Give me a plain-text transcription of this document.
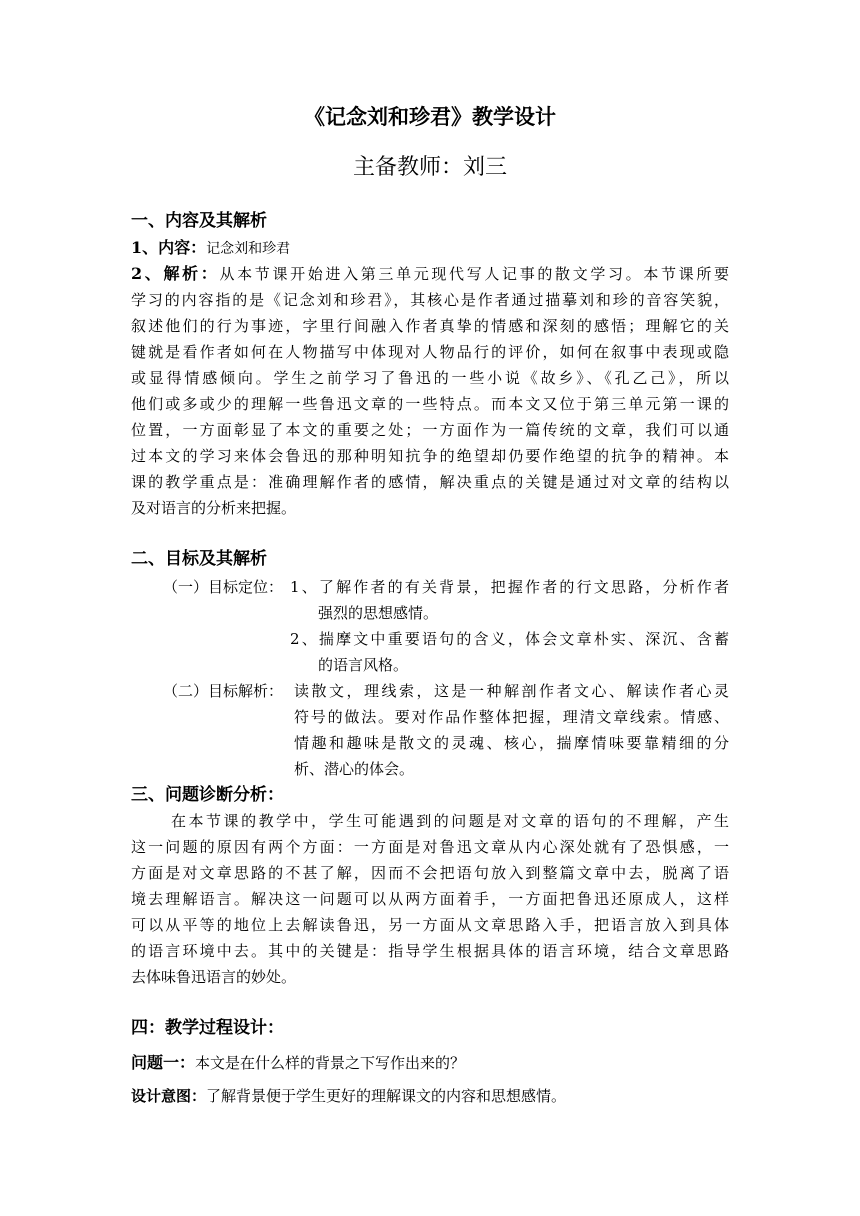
《记念刘和珍君》教学设计
主备教师：刘三
一、内容及其解析
1、内容：记念刘和珍君
2、解析：从本节课开始进入第三单元现代写人记事的散文学习。本节课所要
学习的内容指的是《记念刘和珍君》，其核心是作者通过描摹刘和珍的音容笑貌，
叙述他们的行为事迹，字里行间融入作者真挚的情感和深刻的感悟；理解它的关
键就是看作者如何在人物描写中体现对人物品行的评价，如何在叙事中表现或隐
或显得情感倾向。学生之前学习了鲁迅的一些小说《故乡》、《孔乙己》，所以
他们或多或少的理解一些鲁迅文章的一些特点。而本文又位于第三单元第一课的
位置，一方面彰显了本文的重要之处；一方面作为一篇传统的文章，我们可以通
过本文的学习来体会鲁迅的那种明知抗争的绝望却仍要作绝望的抗争的精神。本
课的教学重点是：准确理解作者的感情，解决重点的关键是通过对文章的结构以
及对语言的分析来把握。
二、目标及其解析
（一）目标定位： 1、了解作者的有关背景，把握作者的行文思路，分析作者
强烈的思想感情。
2、揣摩文中重要语句的含义，体会文章朴实、深沉、含蓄
的语言风格。
（二）目标解析： 读散文，理线索，这是一种解剖作者文心、解读作者心灵
符号的做法。要对作品作整体把握，理清文章线索。情感、
情趣和趣味是散文的灵魂、核心，揣摩情味要靠精细的分
析、潜心的体会。
三、问题诊断分析：
在本节课的教学中，学生可能遇到的问题是对文章的语句的不理解，产生
这一问题的原因有两个方面：一方面是对鲁迅文章从内心深处就有了恐惧感，一
方面是对文章思路的不甚了解，因而不会把语句放入到整篇文章中去，脱离了语
境去理解语言。解决这一问题可以从两方面着手，一方面把鲁迅还原成人，这样
可以从平等的地位上去解读鲁迅，另一方面从文章思路入手，把语言放入到具体
的语言环境中去。其中的关键是：指导学生根据具体的语言环境，结合文章思路
去体味鲁迅语言的妙处。
四：教学过程设计：
问题一：本文是在什么样的背景之下写作出来的？
设计意图：了解背景便于学生更好的理解课文的内容和思想感情。
